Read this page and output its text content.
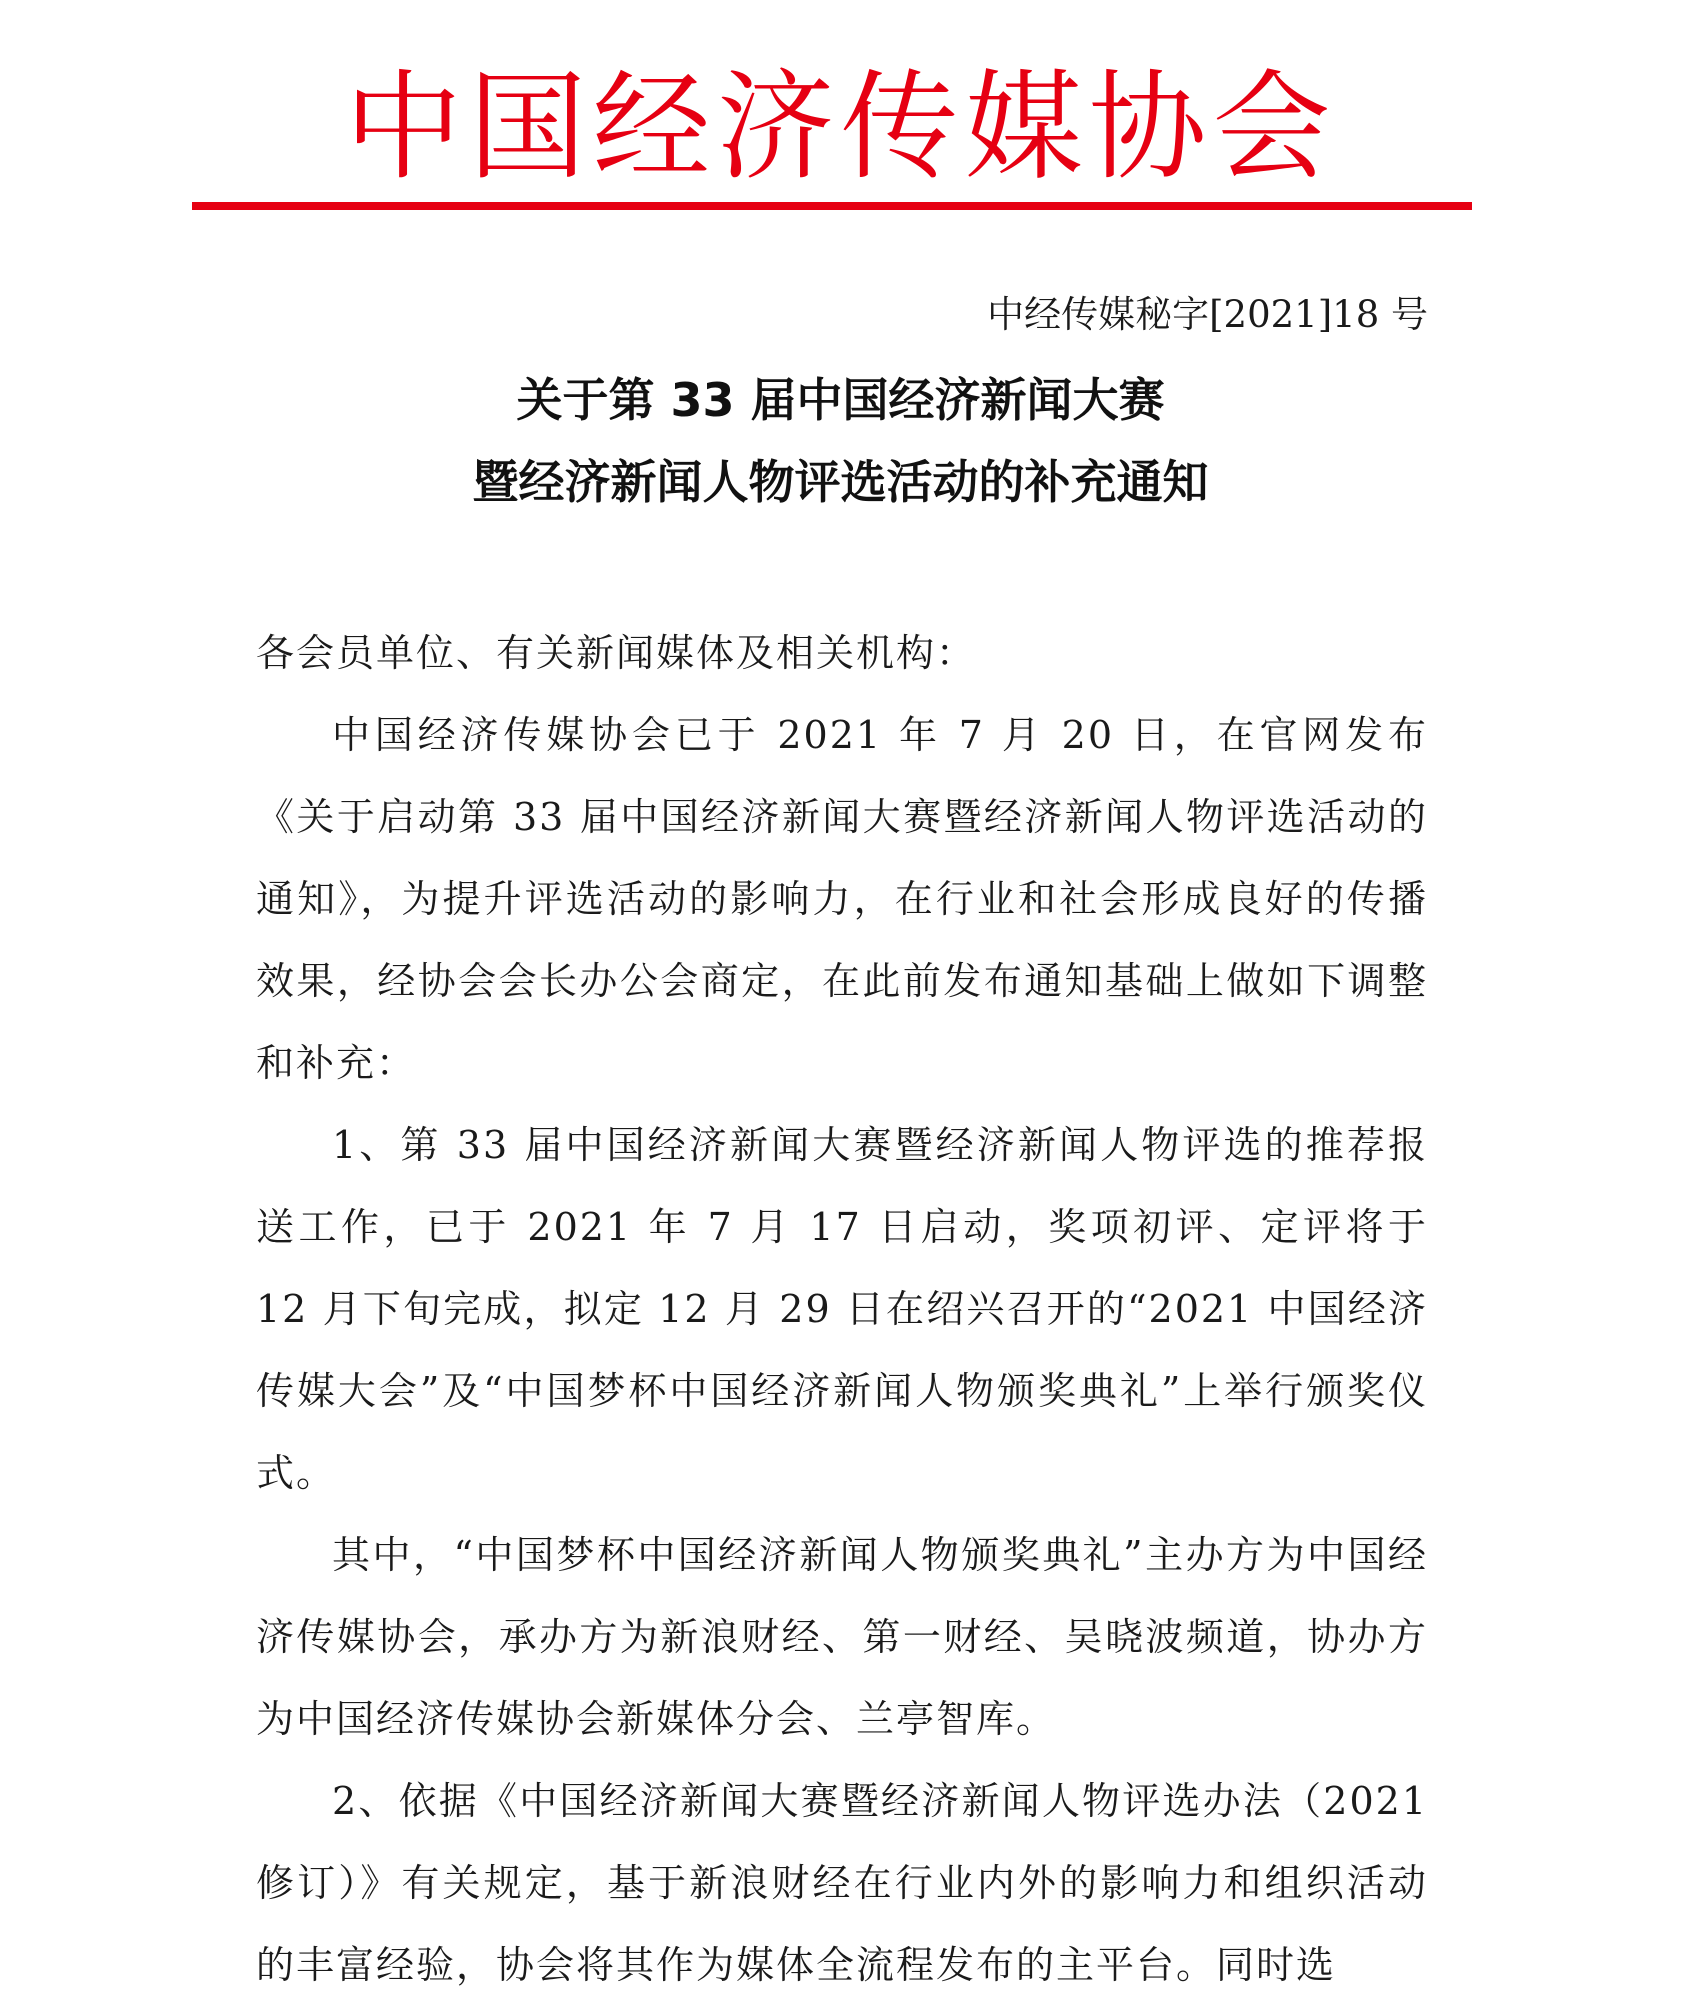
中国经济传媒协会
中经传媒秘字[2021]18 号
关于第 33 届中国经济新闻大赛
暨经济新闻人物评选活动的补充通知

各会员单位、有关新闻媒体及相关机构：

中国经济传媒协会已于 2021 年 7 月 20 日，在官网发布《关于启动第 33 届中国经济新闻大赛暨经济新闻人物评选活动的通知》，为提升评选活动的影响力，在行业和社会形成良好的传播效果，经协会会长办公会商定，在此前发布通知基础上做如下调整和补充：

1、第 33 届中国经济新闻大赛暨经济新闻人物评选的推荐报送工作，已于 2021 年 7 月 17 日启动，奖项初评、定评将于 12 月下旬完成，拟定 12 月 29 日在绍兴召开的“2021 中国经济传媒大会”及“中国梦杯中国经济新闻人物颁奖典礼”上举行颁奖仪式。

其中，“中国梦杯中国经济新闻人物颁奖典礼”主办方为中国经济传媒协会，承办方为新浪财经、第一财经、吴晓波频道，协办方为中国经济传媒协会新媒体分会、兰亭智库。

2、依据《中国经济新闻大赛暨经济新闻人物评选办法（2021 修订）》有关规定，基于新浪财经在行业内外的影响力和组织活动的丰富经验，协会将其作为媒体全流程发布的主平台。同时选
